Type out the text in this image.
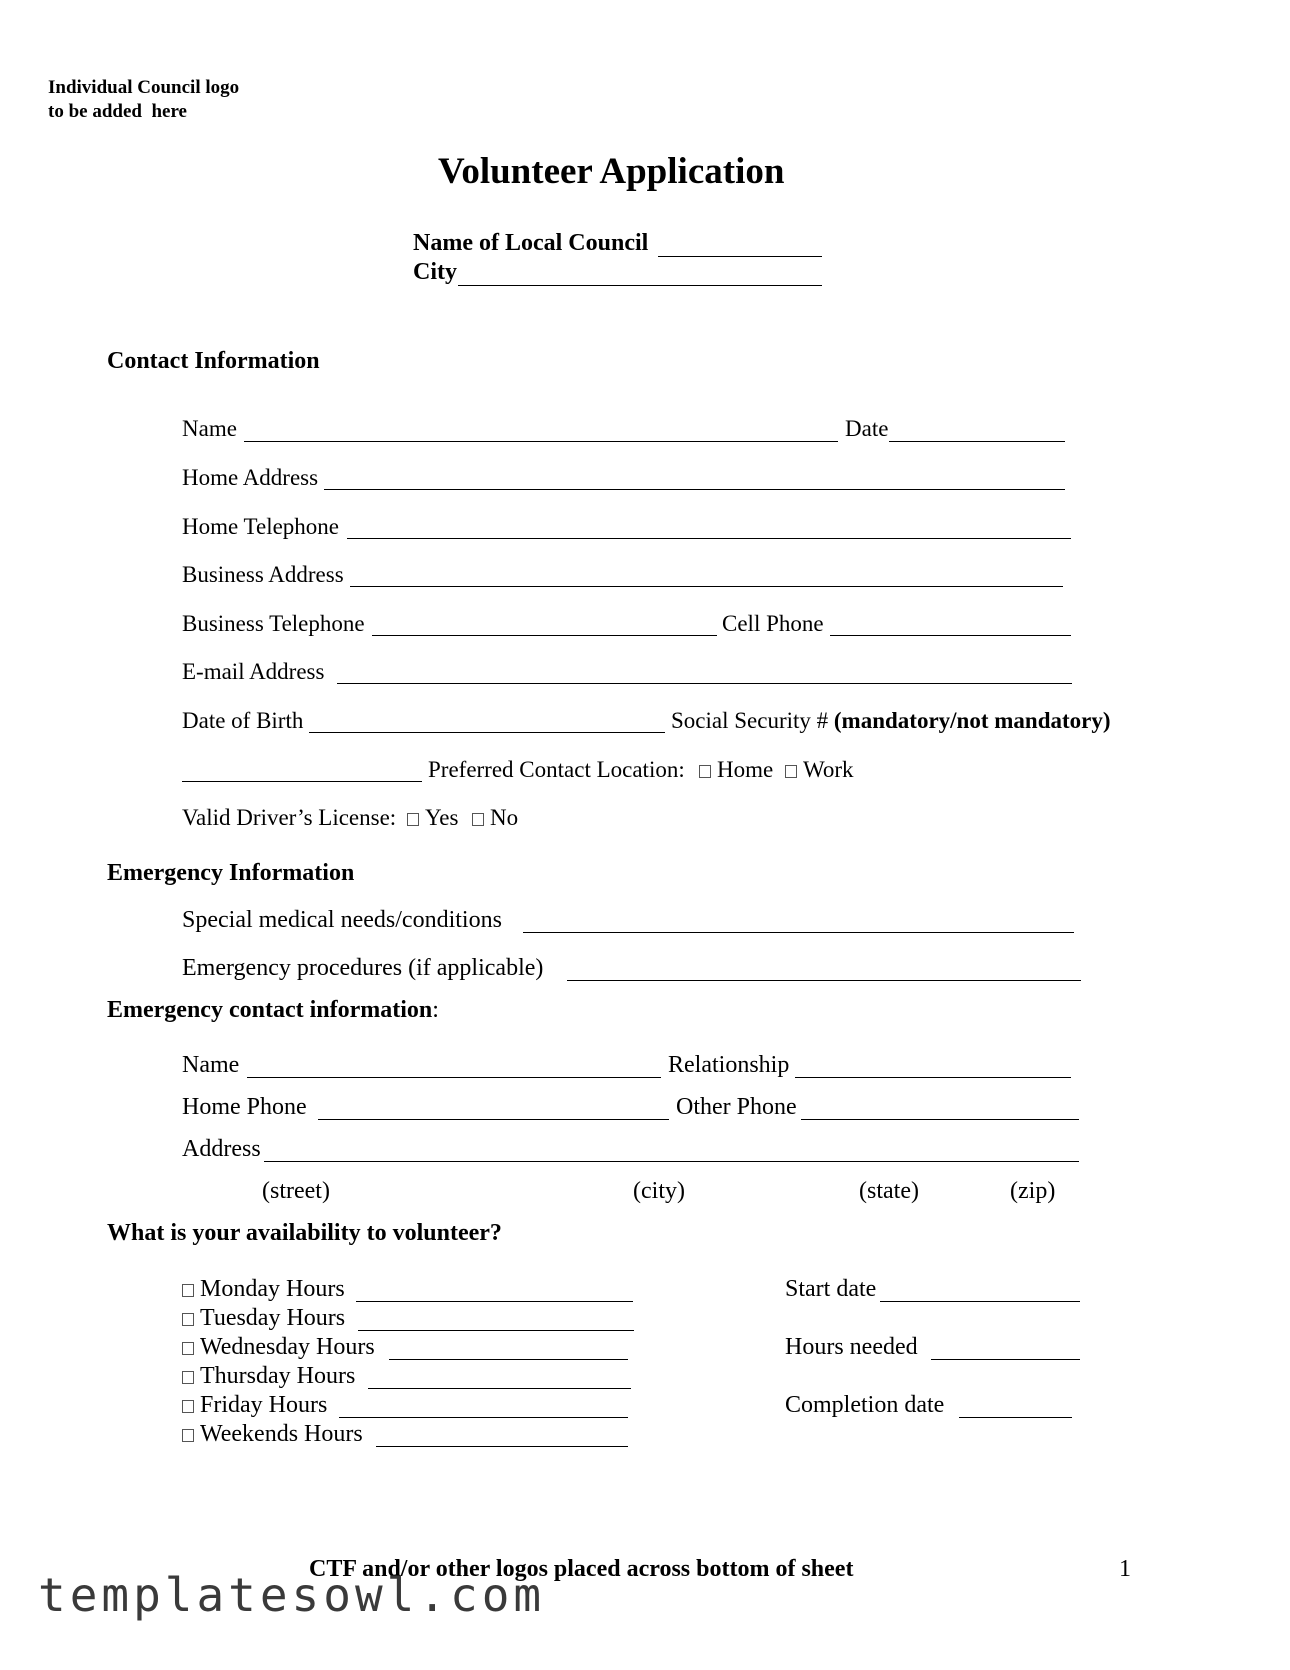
Individual Council logo
to be added  here
Volunteer Application
Name of Local Council
City
Contact Information
Name	Date
Home Address
Home Telephone
Business Address
Business Telephone	Cell Phone
E-mail Address
Date of Birth	Social Security # (mandatory/not mandatory)
Preferred Contact Location:	Home	Work
Valid Driver’s License:	Yes	No
Emergency Information
Special medical needs/conditions
Emergency procedures (if applicable)
Emergency contact information:
Name	Relationship
Home Phone	Other Phone
Address
(street)	(city)	(state)	(zip)
What is your availability to volunteer?
Monday Hours
Tuesday Hours
Wednesday Hours
Thursday Hours
Friday Hours
Weekends Hours
Start date
Hours needed
Completion date
CTF and/or other logos placed across bottom of sheet	1
templatesowl.com
